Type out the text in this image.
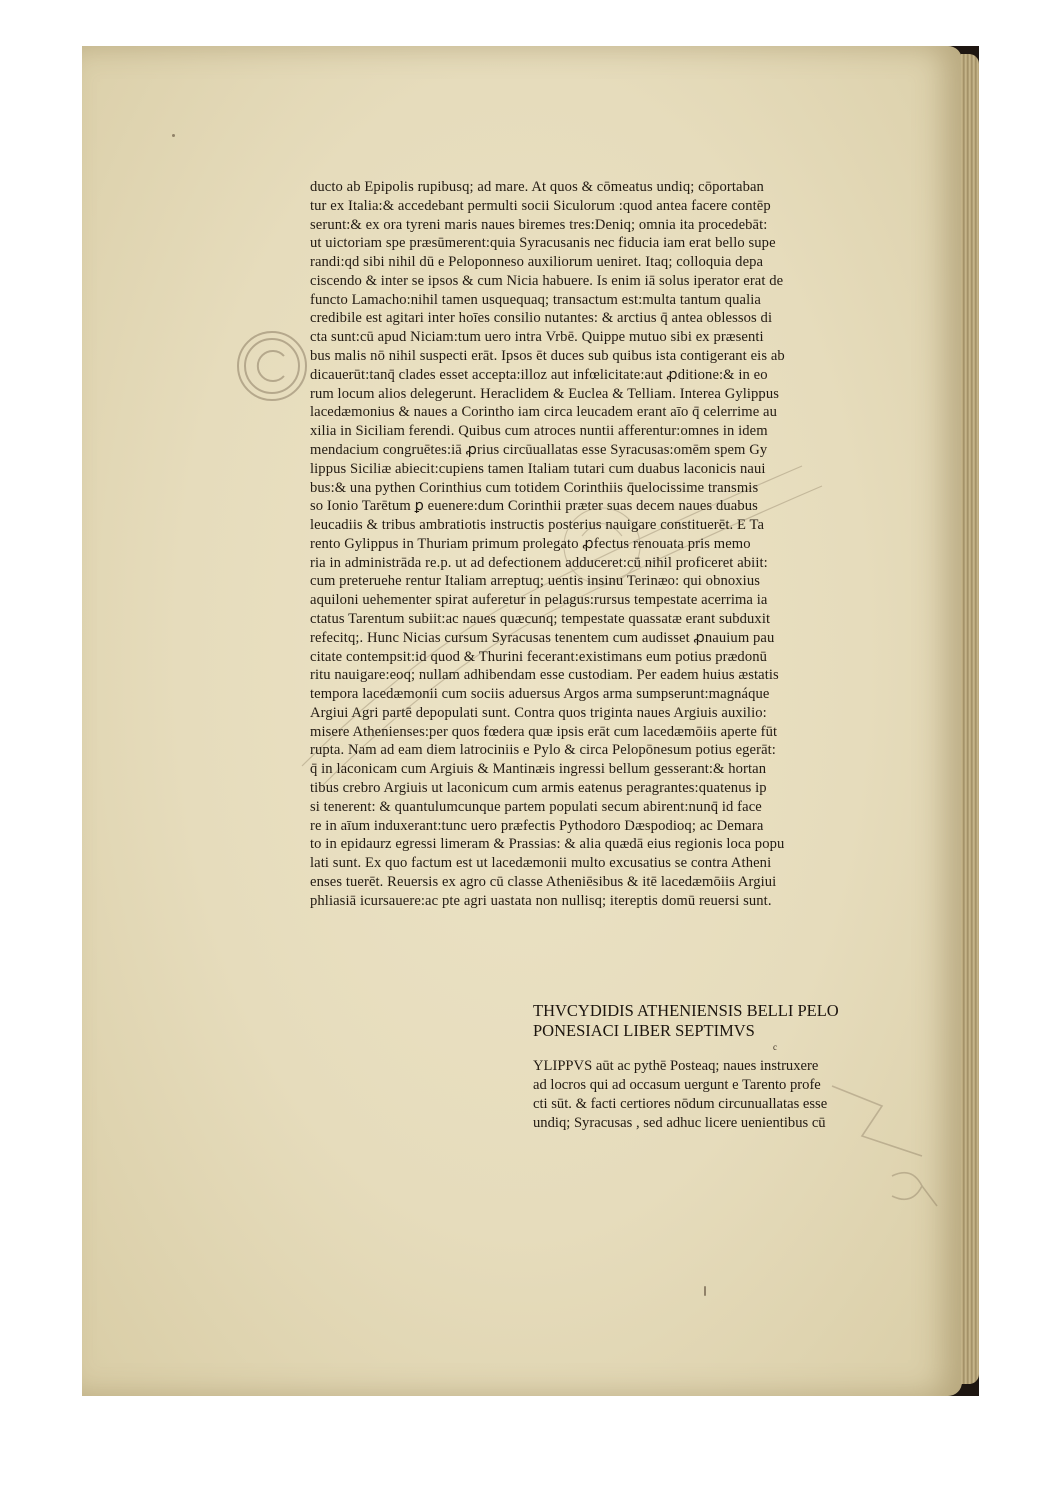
ducto ab Epipolis rupibusq; ad mare. At quos & cōmeatus undiq; cōportaban
tur ex Italia:& accedebant permulti socii Siculorum :quod antea facere contēp
serunt:& ex ora tyreni maris naues biremes tres:Deniq; omnia ita procedebāt:
ut uictoriam spe præsūmerent:quia Syracusanis nec fiducia iam erat bello supe
randi:qd sibi nihil dū e Peloponneso auxiliorum ueniret. Itaq; colloquia depa
ciscendo & inter se ipsos & cum Nicia habuere. Is enim iā solus iperator erat de
functo Lamacho:nihil tamen usquequaq; transactum est:multa tantum qualia
credibile est agitari inter hoīes consilio nutantes: & arctius q̄ antea oblessos di
cta sunt:cū apud Niciam:tum uero intra Vrbē. Quippe mutuo sibi ex præsenti
bus malis nō nihil suspecti erāt. Ipsos ēt duces sub quibus ista contigerant eis ab
dicauerūt:tanq̄ clades esset accepta:illoz aut infœlicitate:aut ꝓditione:& in eo
rum locum alios delegerunt. Heraclidem & Euclea & Telliam. Interea Gylippus
lacedæmonius & naues a Corintho iam circa leucadem erant aīo q̄ celerrime au
xilia in Siciliam ferendi. Quibus cum atroces nuntii afferentur:omnes in idem
mendacium congruētes:iā ꝓrius circūuallatas esse Syracusas:omēm spem Gy
lippus Siciliæ abiecit:cupiens tamen Italiam tutari cum duabus laconicis naui
bus:& una pythen Corinthius cum totidem Corinthiis q̄uelocissime transmis
so Ionio Tarētum ꝑ euenere:dum Corinthii præter suas decem naues duabus
leucadiis & tribus ambratiotis instructis posterius nauigare constituerēt. E Ta
rento Gylippus in Thuriam primum prolegato ꝓfectus renouata pris memo
ria in administrāda re.p. ut ad defectionem adduceret:cū nihil proficeret abiit:
cum preteruehe rentur Italiam arreptuq; uentis insinu Terinæo: qui obnoxius
aquiloni uehementer spirat auferetur in pelagus:rursus tempestate acerrima ia
ctatus Tarentum subiit:ac naues quæcunq; tempestate quassatæ erant subduxit
refecitq;. Hunc Nicias cursum Syracusas tenentem cum audisset ꝓnauium pau
citate contempsit:id quod & Thurini fecerant:existimans eum potius prædonū
ritu nauigare:eoq; nullam adhibendam esse custodiam. Per eadem huius æstatis
tempora lacedæmonii cum sociis aduersus Argos arma sumpserunt:magnáque
Argiui Agri partē depopulati sunt. Contra quos triginta naues Argiuis auxilio:
misere Athenienses:per quos fœdera quæ ipsis erāt cum lacedæmōiis aperte fūt
rupta. Nam ad eam diem latrociniis e Pylo & circa Pelopōnesum potius egerāt:
q̄ in laconicam cum Argiuis & Mantinæis ingressi bellum gesserant:& hortan
tibus crebro Argiuis ut laconicum cum armis eatenus peragrantes:quatenus ip
si tenerent: & quantulumcunque partem populati secum abirent:nunq̄ id face
re in aīum induxerant:tunc uero præfectis Pythodoro Dæspodioq; ac Demara
to in epidaurz egressi limeram & Prassias: & alia quædā eius regionis loca popu
lati sunt. Ex quo factum est ut lacedæmonii multo excusatius se contra Atheni
enses tuerēt. Reuersis ex agro cū classe Atheniēsibus & itē lacedæmōiis Argiui
phliasiā icursauere:ac pte agri uastata non nullisq; itereptis domū reuersi sunt.
THVCYDIDIS ATHENIENSIS BELLI PELO
PONESIACI LIBER SEPTIMVS
c
YLIPPVS aūt ac pythē Posteaq; naues instruxere
ad locros qui ad occasum uergunt e Tarento profe
cti sūt. & facti certiores nōdum circunuallatas esse
undiq; Syracusas , sed adhuc licere uenientibus cū
